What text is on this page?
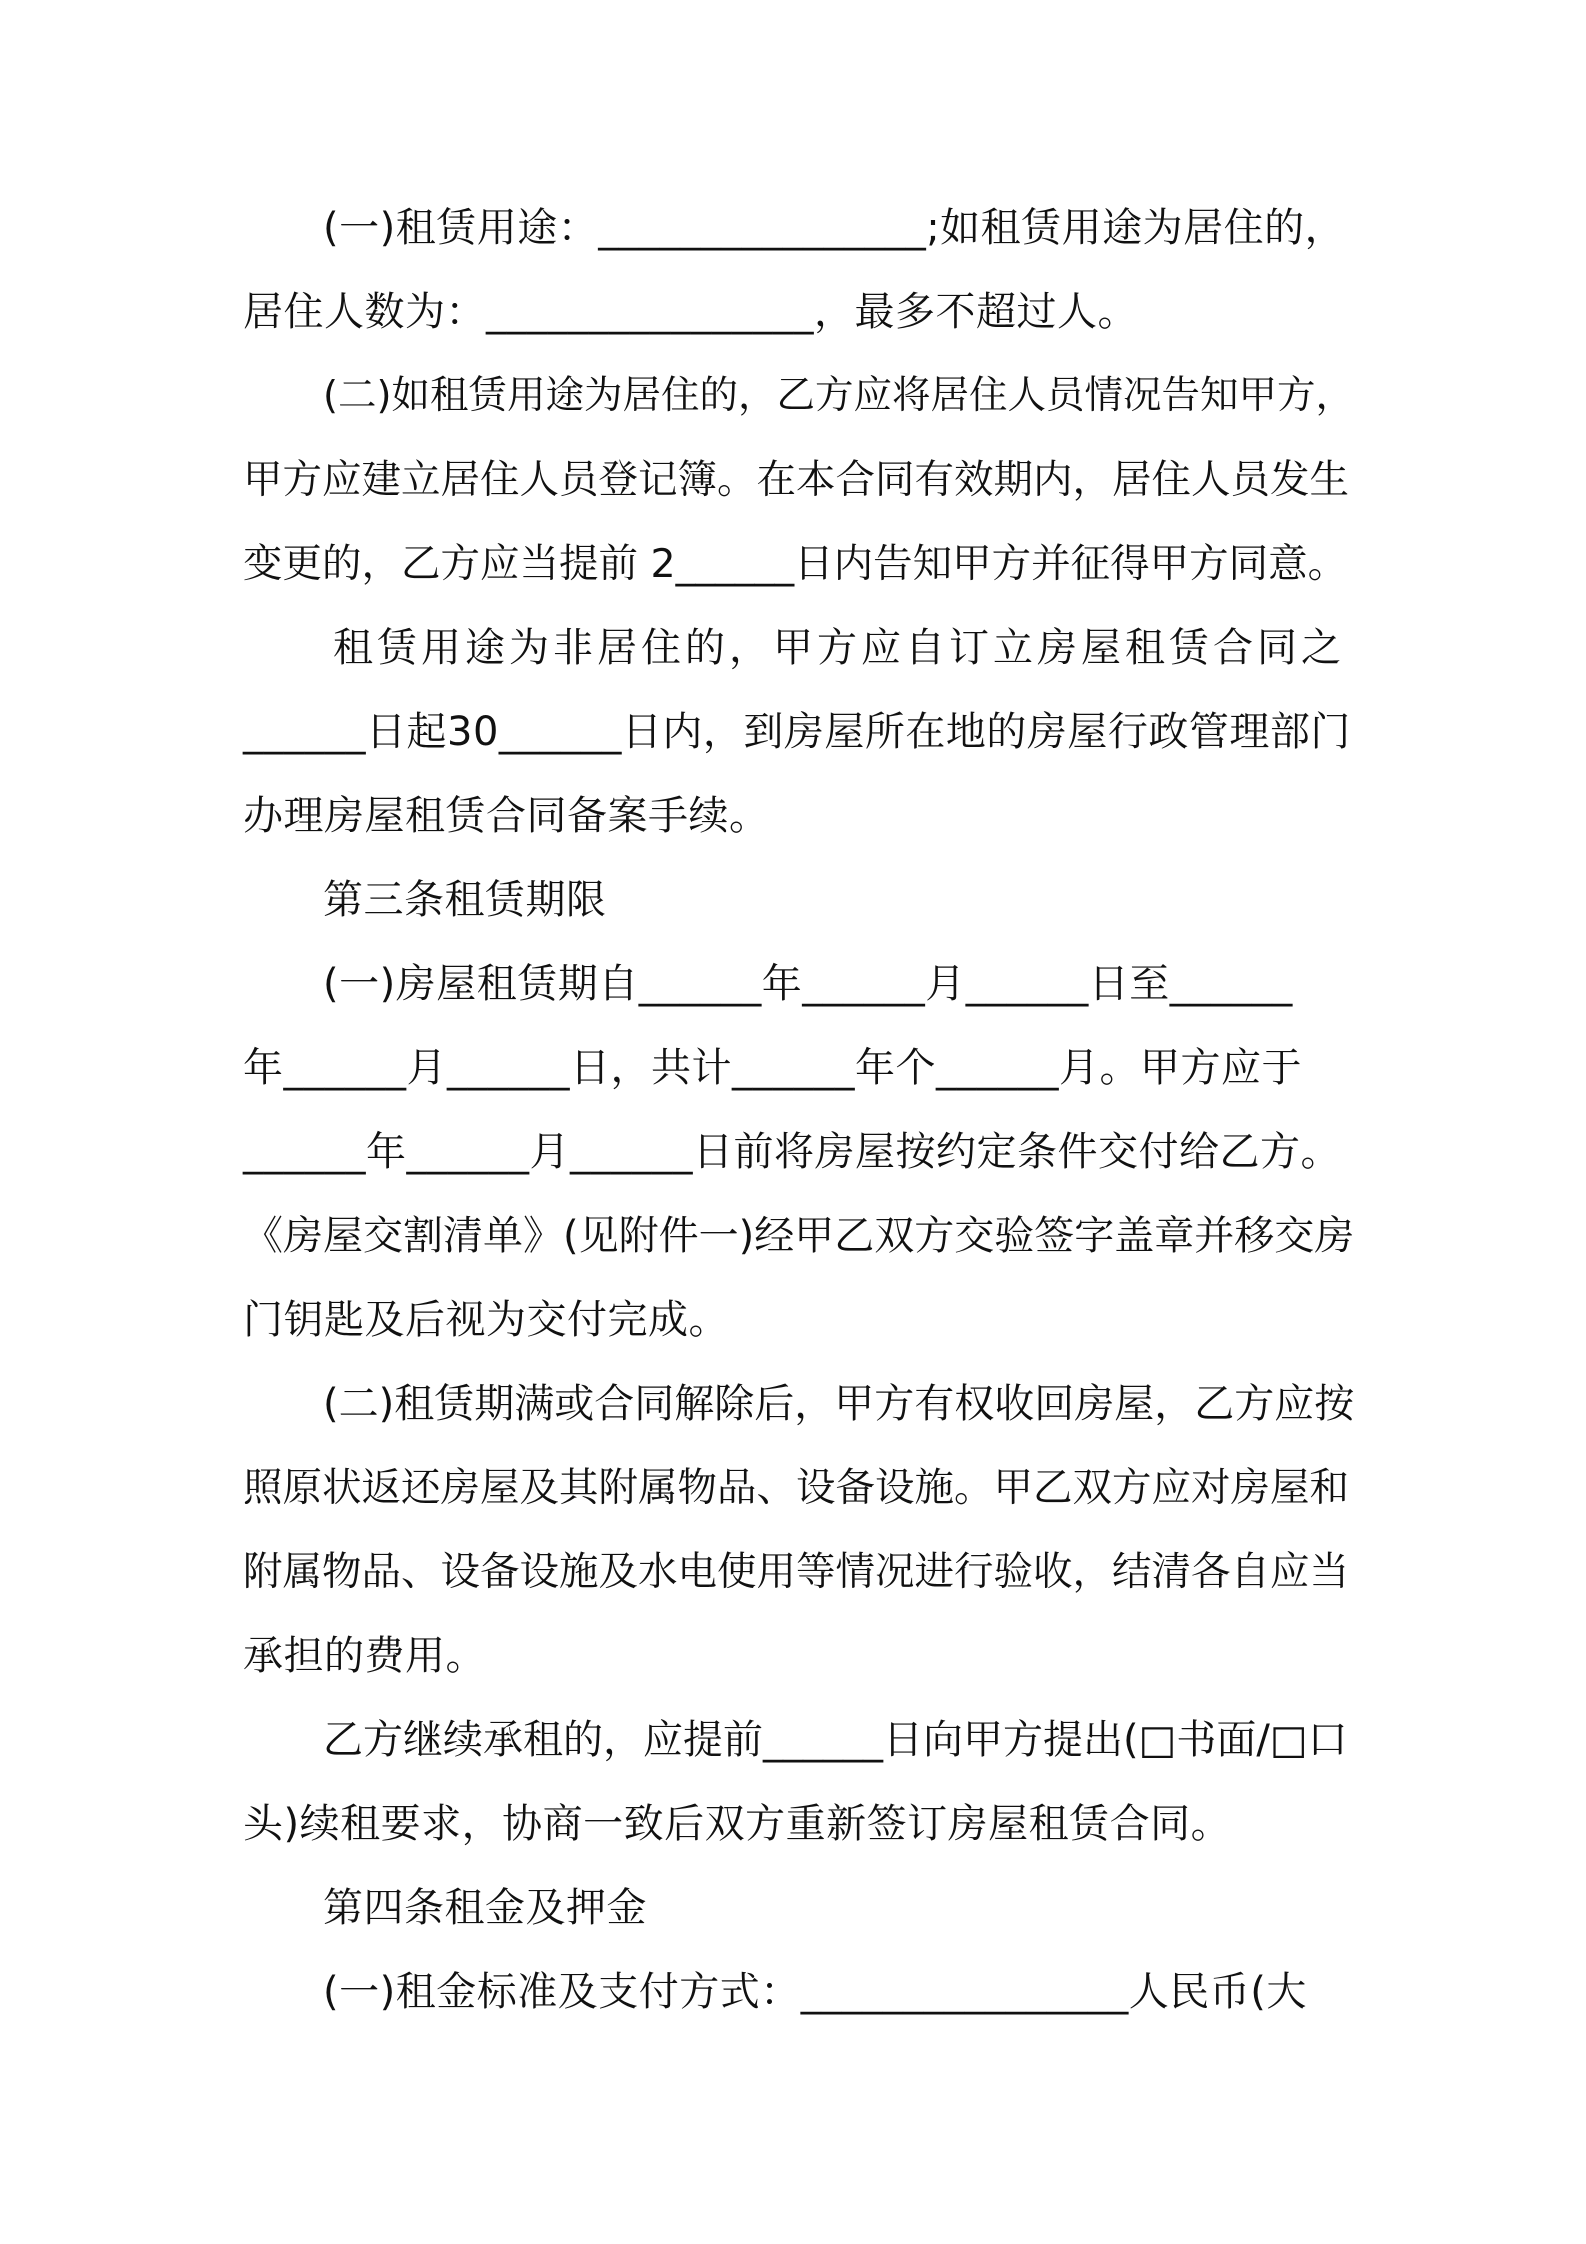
(一)租赁用途：________________;如租赁用途为居住的，
居住人数为：________________，最多不超过人。
(二)如租赁用途为居住的，乙方应将居住人员情况告知甲方，
甲方应建立居住人员登记簿。在本合同有效期内，居住人员发生
变更的，乙方应当提前 2______日内告知甲方并征得甲方同意。
租赁用途为非居住的，甲方应自订立房屋租赁合同之
______日起30______日内，到房屋所在地的房屋行政管理部门
办理房屋租赁合同备案手续。
第三条租赁期限
(一)房屋租赁期自______年______月______日至______
年______月______日，共计______年个______月。甲方应于
______年______月______日前将房屋按约定条件交付给乙方。
《房屋交割清单》(见附件一)经甲乙双方交验签字盖章并移交房
门钥匙及后视为交付完成。
(二)租赁期满或合同解除后，甲方有权收回房屋，乙方应按
照原状返还房屋及其附属物品、设备设施。甲乙双方应对房屋和
附属物品、设备设施及水电使用等情况进行验收，结清各自应当
承担的费用。
乙方继续承租的，应提前______日向甲方提出(□书面/□口
头)续租要求，协商一致后双方重新签订房屋租赁合同。
第四条租金及押金
(一)租金标准及支付方式：________________人民币(大
